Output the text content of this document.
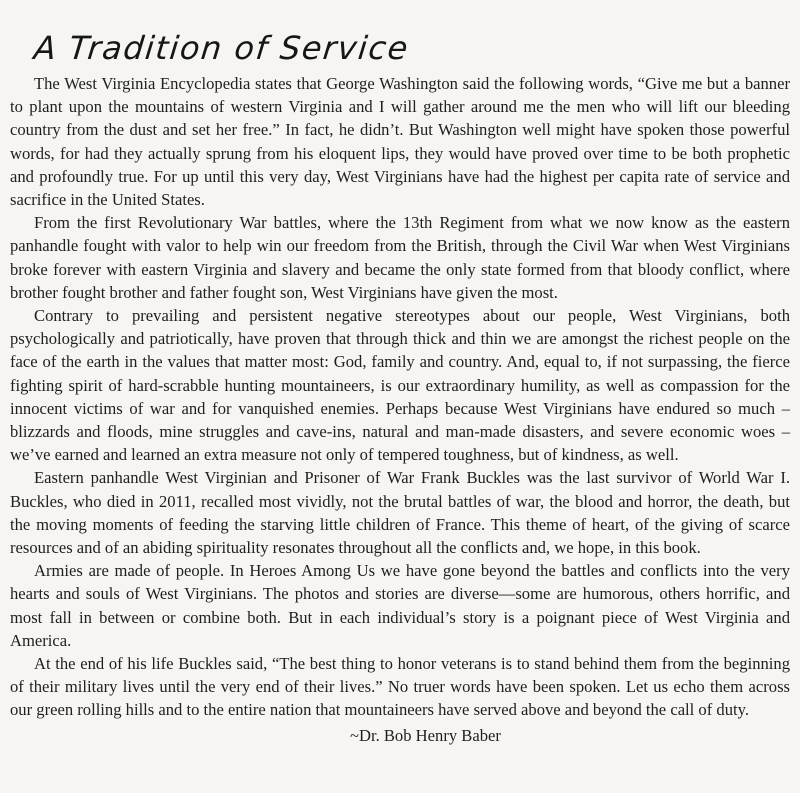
A Tradition of Service

The West Virginia Encyclopedia states that George Washington said the following words, “Give me but a banner to plant upon the mountains of western Virginia and I will gather around me the men who will lift our bleeding country from the dust and set her free.” In fact, he didn’t. But Washington well might have spoken those powerful words, for had they actually sprung from his eloquent lips, they would have proved over time to be both prophetic and profoundly true. For up until this very day, West Virginians have had the highest per capita rate of service and sacrifice in the United States.

From the first Revolutionary War battles, where the 13th Regiment from what we now know as the eastern panhandle fought with valor to help win our freedom from the British, through the Civil War when West Virginians broke forever with eastern Virginia and slavery and became the only state formed from that bloody conflict, where brother fought brother and father fought son, West Virginians have given the most.

Contrary to prevailing and persistent negative stereotypes about our people, West Virginians, both psychologically and patriotically, have proven that through thick and thin we are amongst the richest people on the face of the earth in the values that matter most: God, family and country. And, equal to, if not surpassing, the fierce fighting spirit of hard-scrabble hunting mountaineers, is our extraordinary humility, as well as compassion for the innocent victims of war and for vanquished enemies. Perhaps because West Virginians have endured so much – blizzards and floods, mine struggles and cave-ins, natural and man-made disasters, and severe economic woes – we’ve earned and learned an extra measure not only of tempered toughness, but of kindness, as well.

Eastern panhandle West Virginian and Prisoner of War Frank Buckles was the last survivor of World War I. Buckles, who died in 2011, recalled most vividly, not the brutal battles of war, the blood and horror, the death, but the moving moments of feeding the starving little children of France. This theme of heart, of the giving of scarce resources and of an abiding spirituality resonates throughout all the conflicts and, we hope, in this book.

Armies are made of people. In Heroes Among Us we have gone beyond the battles and conflicts into the very hearts and souls of West Virginians. The photos and stories are diverse—some are humorous, others horrific, and most fall in between or combine both. But in each individual’s story is a poignant piece of West Virginia and America.

At the end of his life Buckles said, “The best thing to honor veterans is to stand behind them from the beginning of their military lives until the very end of their lives.” No truer words have been spoken. Let us echo them across our green rolling hills and to the entire nation that mountaineers have served above and beyond the call of duty.

~Dr. Bob Henry Baber
